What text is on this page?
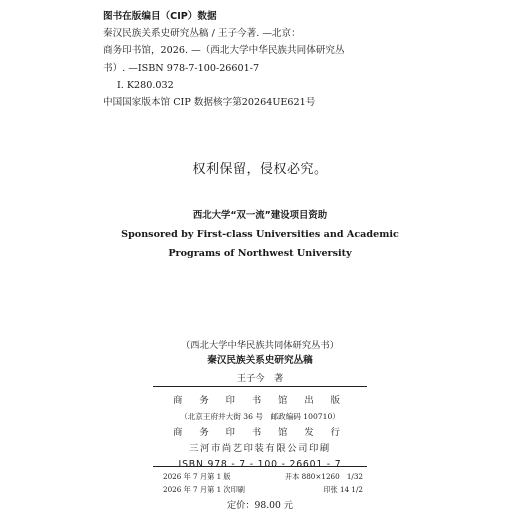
图书在版编目（CIP）数据
秦汉民族关系史研究丛稿 / 王子今著. —北京：
商务印书馆，2026. —（西北大学中华民族共同体研究丛
书）. —ISBN 978-7-100-26601-7
Ⅰ. K280.032
中国国家版本馆 CIP 数据核字第20264UE621号
权利保留，侵权必究。
西北大学“双一流”建设项目资助
Sponsored by First-class Universities and Academic
Programs of Northwest University
（西北大学中华民族共同体研究丛书）
秦汉民族关系史研究丛稿
王子今　著
商 务 印 书 馆 出 版
（北京王府井大街 36 号　邮政编码 100710）
商 务 印 书 馆 发 行
三河市尚艺印装有限公司印刷
ISBN 978 - 7 - 100 - 26601 - 7
2026 年 7 月第 1 版	开本 880×1260　1/32
2026 年 7 月第 1 次印刷	印张 14 1/2
定价：98.00 元
